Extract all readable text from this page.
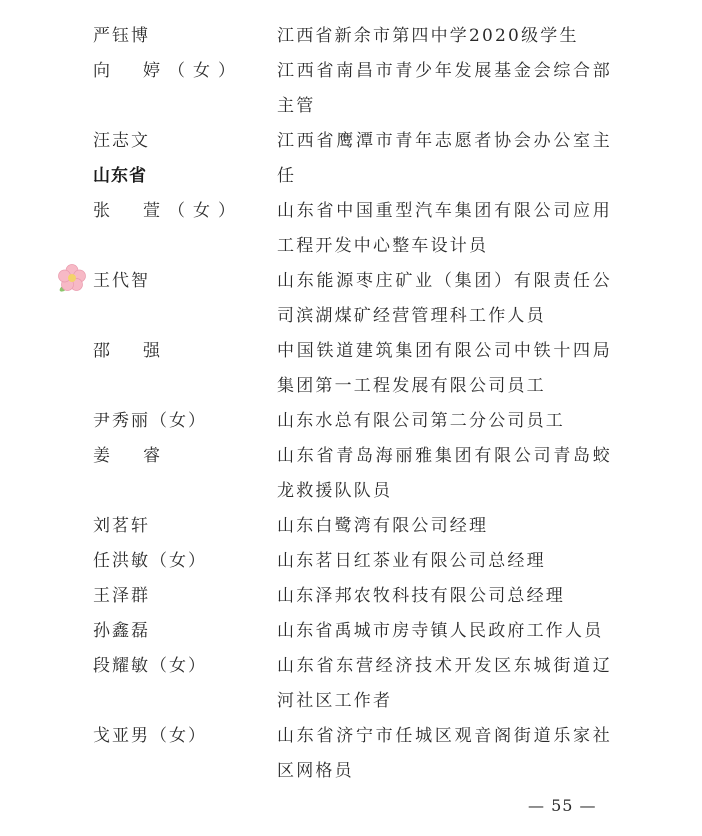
严钰博	江西省新余市第四中学2020级学生
向　婷（女） 江西省南昌市青少年发展基金会综合部主管
汪志文	江西省鹰潭市青年志愿者协会办公室主任
山东省
张　萱（女） 山东省中国重型汽车集团有限公司应用工程开发中心整车设计员
王代智	山东能源枣庄矿业（集团）有限责任公司滨湖煤矿经营管理科工作人员
邵　强	中国铁道建筑集团有限公司中铁十四局集团第一工程发展有限公司员工
尹秀丽（女）	山东水总有限公司第二分公司员工
姜　睿	山东省青岛海丽雅集团有限公司青岛蛟龙救援队队员
刘茗轩	山东白鹭湾有限公司经理
任洪敏（女）	山东茗日红茶业有限公司总经理
王泽群	山东泽邦农牧科技有限公司总经理
孙鑫磊	山东省禹城市房寺镇人民政府工作人员
段耀敏（女）	山东省东营经济技术开发区东城街道辽河社区工作者
戈亚男（女）	山东省济宁市任城区观音阁街道乐家社区网格员
— 55 —
